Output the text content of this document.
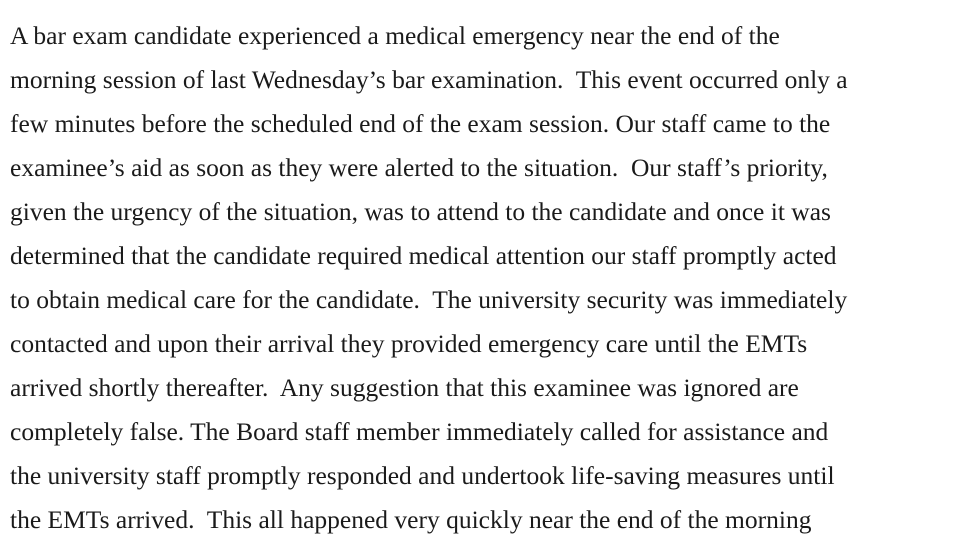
A bar exam candidate experienced a medical emergency near the end of the
morning session of last Wednesday’s bar examination.  This event occurred only a
few minutes before the scheduled end of the exam session. Our staff came to the
examinee’s aid as soon as they were alerted to the situation.  Our staff’s priority,
given the urgency of the situation, was to attend to the candidate and once it was
determined that the candidate required medical attention our staff promptly acted
to obtain medical care for the candidate.  The university security was immediately
contacted and upon their arrival they provided emergency care until the EMTs
arrived shortly thereafter.  Any suggestion that this examinee was ignored are
completely false. The Board staff member immediately called for assistance and
the university staff promptly responded and undertook life-saving measures until
the EMTs arrived.  This all happened very quickly near the end of the morning
